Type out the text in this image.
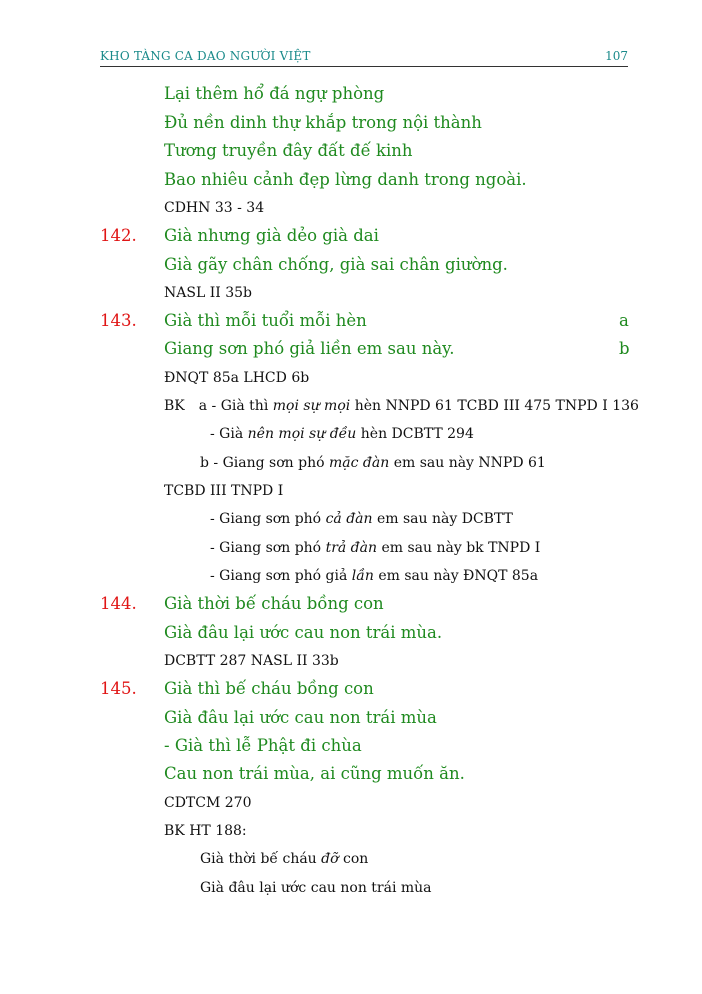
KHO TÀNG CA DAO NGƯỜI VIỆT	107
Lại thêm hổ đá ngự phòng
Đủ nền dinh thự khắp trong nội thành
Tương truyền đây đất đế kinh
Bao nhiêu cảnh đẹp lừng danh trong ngoài.
CDHN 33 - 34
142. Già nhưng già dẻo già dai
Già gãy chân chống, già sai chân giường.
NASL II 35b
143. Già thì mỗi tuổi mỗi hèn	a
Giang sơn phó giả liền em sau này.	b
ĐNQT 85a LHCD 6b
BK a - Già thì mọi sự mọi hèn NNPD 61 TCBD III 475 TNPD I 136
- Già nên mọi sự đều hèn DCBTT 294
b - Giang sơn phó mặc đàn em sau này NNPD 61
TCBD III TNPD I
- Giang sơn phó cả đàn em sau này DCBTT
- Giang sơn phó trả đàn em sau này bk TNPD I
- Giang sơn phó giả lần em sau này ĐNQT 85a
144. Già thời bế cháu bồng con
Già đâu lại ước cau non trái mùa.
DCBTT 287 NASL II 33b
145. Già thì bế cháu bồng con
Già đâu lại ước cau non trái mùa
- Già thì lễ Phật đi chùa
Cau non trái mùa, ai cũng muốn ăn.
CDTCM 270
BK HT 188:
Già thời bế cháu đỡ con
Già đâu lại ước cau non trái mùa
